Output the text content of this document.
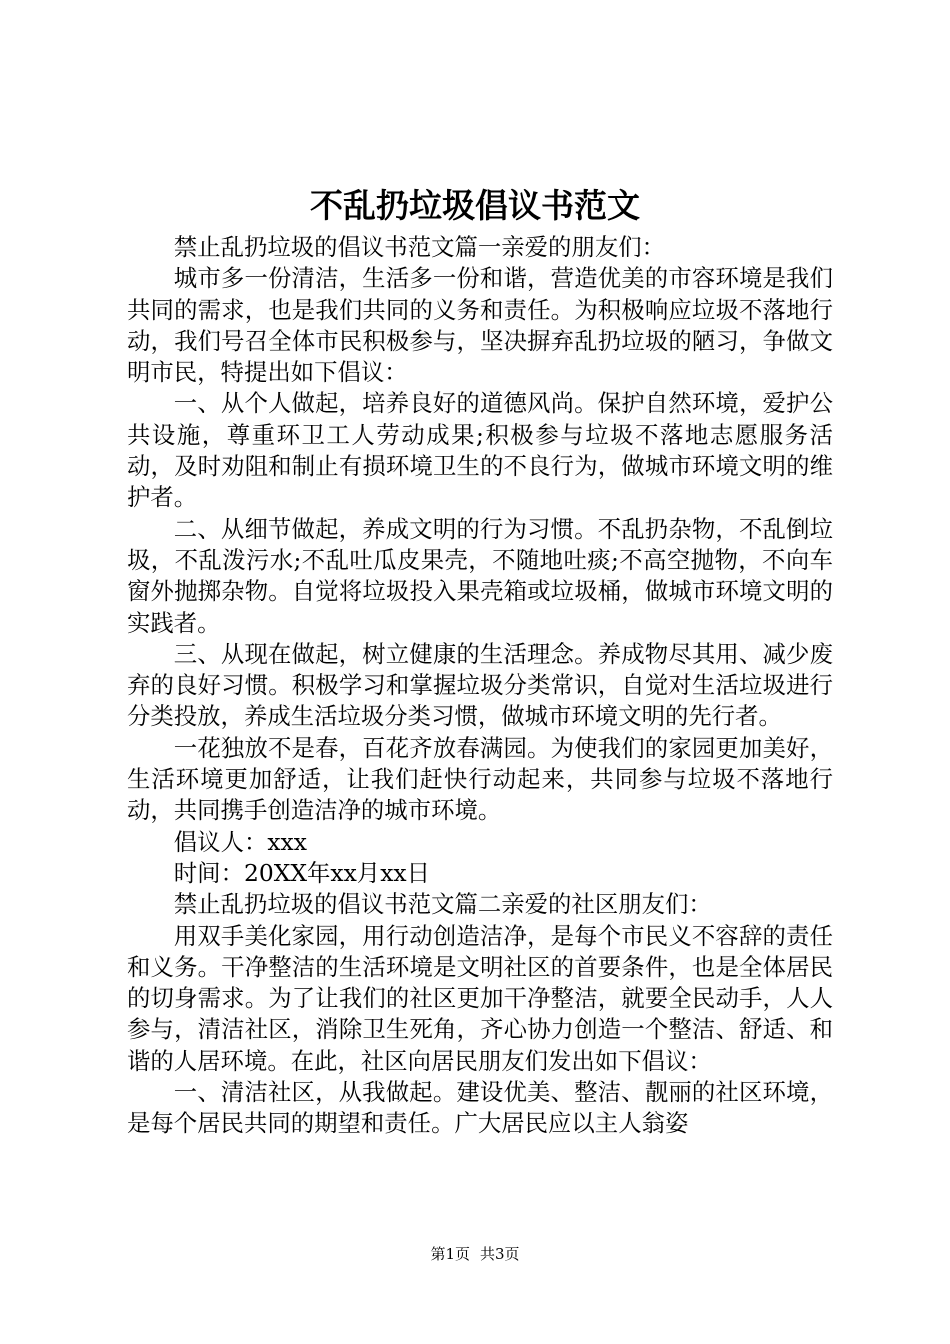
不乱扔垃圾倡议书范文

禁止乱扔垃圾的倡议书范文篇一亲爱的朋友们：

城市多一份清洁，生活多一份和谐，营造优美的市容环境是我们共同的需求，也是我们共同的义务和责任。为积极响应垃圾不落地行动，我们号召全体市民积极参与，坚决摒弃乱扔垃圾的陋习，争做文明市民，特提出如下倡议：

一、从个人做起，培养良好的道德风尚。保护自然环境，爱护公共设施，尊重环卫工人劳动成果;积极参与垃圾不落地志愿服务活动，及时劝阻和制止有损环境卫生的不良行为，做城市环境文明的维护者。

二、从细节做起，养成文明的行为习惯。不乱扔杂物，不乱倒垃圾，不乱泼污水;不乱吐瓜皮果壳，不随地吐痰;不高空抛物，不向车窗外抛掷杂物。自觉将垃圾投入果壳箱或垃圾桶，做城市环境文明的实践者。

三、从现在做起，树立健康的生活理念。养成物尽其用、减少废弃的良好习惯。积极学习和掌握垃圾分类常识，自觉对生活垃圾进行分类投放，养成生活垃圾分类习惯，做城市环境文明的先行者。

一花独放不是春，百花齐放春满园。为使我们的家园更加美好，生活环境更加舒适，让我们赶快行动起来，共同参与垃圾不落地行动，共同携手创造洁净的城市环境。

倡议人：xxx

时间：20XX年xx月xx日

禁止乱扔垃圾的倡议书范文篇二亲爱的社区朋友们：

用双手美化家园，用行动创造洁净，是每个市民义不容辞的责任和义务。干净整洁的生活环境是文明社区的首要条件，也是全体居民的切身需求。为了让我们的社区更加干净整洁，就要全民动手，人人参与，清洁社区，消除卫生死角，齐心协力创造一个整洁、舒适、和谐的人居环境。在此，社区向居民朋友们发出如下倡议：

一、清洁社区，从我做起。建设优美、整洁、靓丽的社区环境，是每个居民共同的期望和责任。广大居民应以主人翁姿

第1页 共3页
